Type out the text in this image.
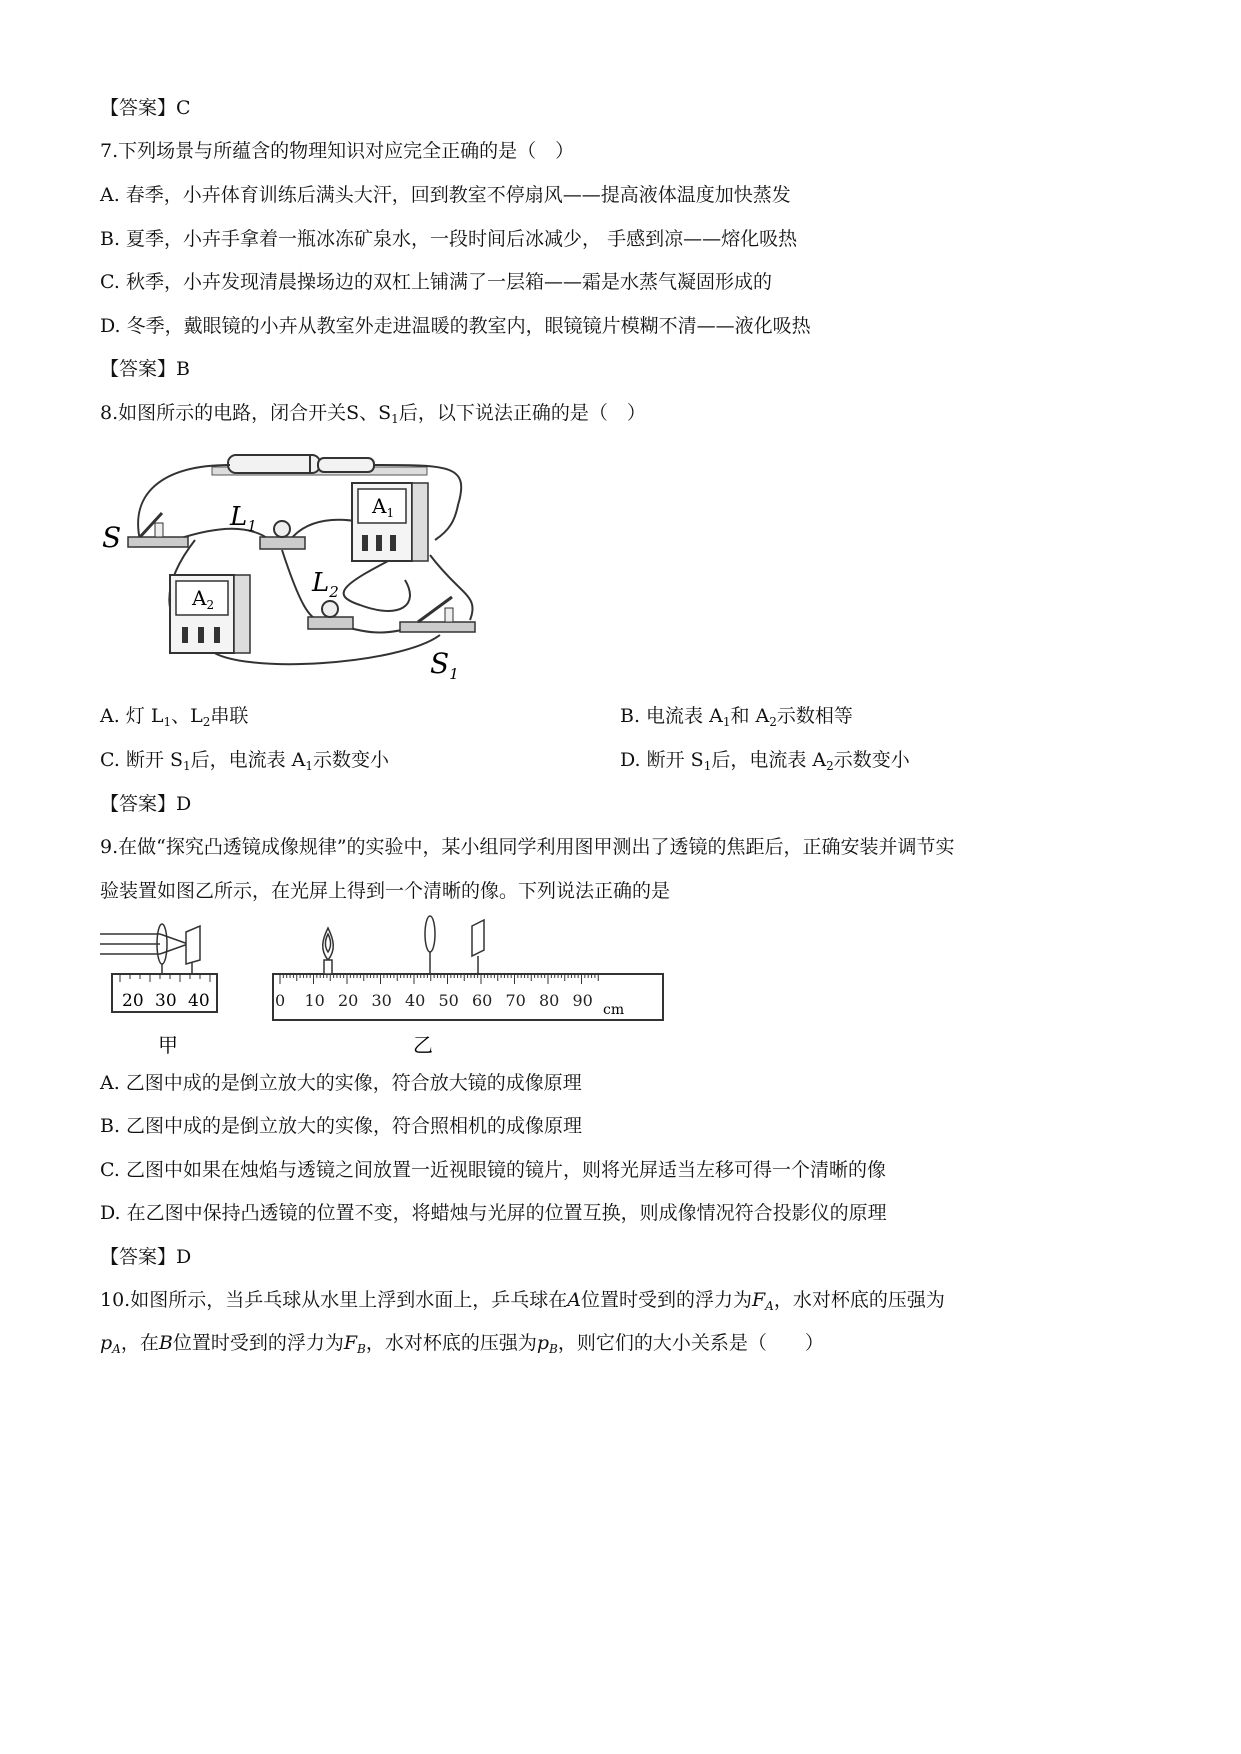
【答案】C
7.下列场景与所蕴含的物理知识对应完全正确的是（　）
A. 春季，小卉体育训练后满头大汗，回到教室不停扇风——提高液体温度加快蒸发
B. 夏季，小卉手拿着一瓶冰冻矿泉水，一段时间后冰减少， 手感到凉——熔化吸热
C. 秋季，小卉发现清晨操场边的双杠上铺满了一层箱——霜是水蒸气凝固形成的
D. 冬季，戴眼镜的小卉从教室外走进温暖的教室内，眼镜镜片模糊不清——液化吸热
【答案】B
8.如图所示的电路，闭合开关S、$S_1$后，以下说法正确的是（　）
S
$L_1$
$L_2$
$S_1$
$A_1$
$A_2$
A. 灯 $L_1$、$L_2$串联	B. 电流表 $A_1$和 $A_2$示数相等
C. 断开 $S_1$后，电流表 $A_1$示数变小	D. 断开 $S_1$后，电流表 $A_2$示数变小
【答案】D
9.在做“探究凸透镜成像规律”的实验中，某小组同学利用图甲测出了透镜的焦距后，正确安装并调节实
验装置如图乙所示，在光屏上得到一个清晰的像。下列说法正确的是
20 30 40
甲
0 10 20 30 40 50 60 70 80 90 cm
乙
A. 乙图中成的是倒立放大的实像，符合放大镜的成像原理
B. 乙图中成的是倒立放大的实像，符合照相机的成像原理
C. 乙图中如果在烛焰与透镜之间放置一近视眼镜的镜片，则将光屏适当左移可得一个清晰的像
D. 在乙图中保持凸透镜的位置不变，将蜡烛与光屏的位置互换，则成像情况符合投影仪的原理
【答案】D
10.如图所示，当乒乓球从水里上浮到水面上，乒乓球在A位置时受到的浮力为$F_A$，水对杯底的压强为
$p_A$，在B位置时受到的浮力为$F_B$，水对杯底的压强为$p_B$，则它们的大小关系是（　　）
